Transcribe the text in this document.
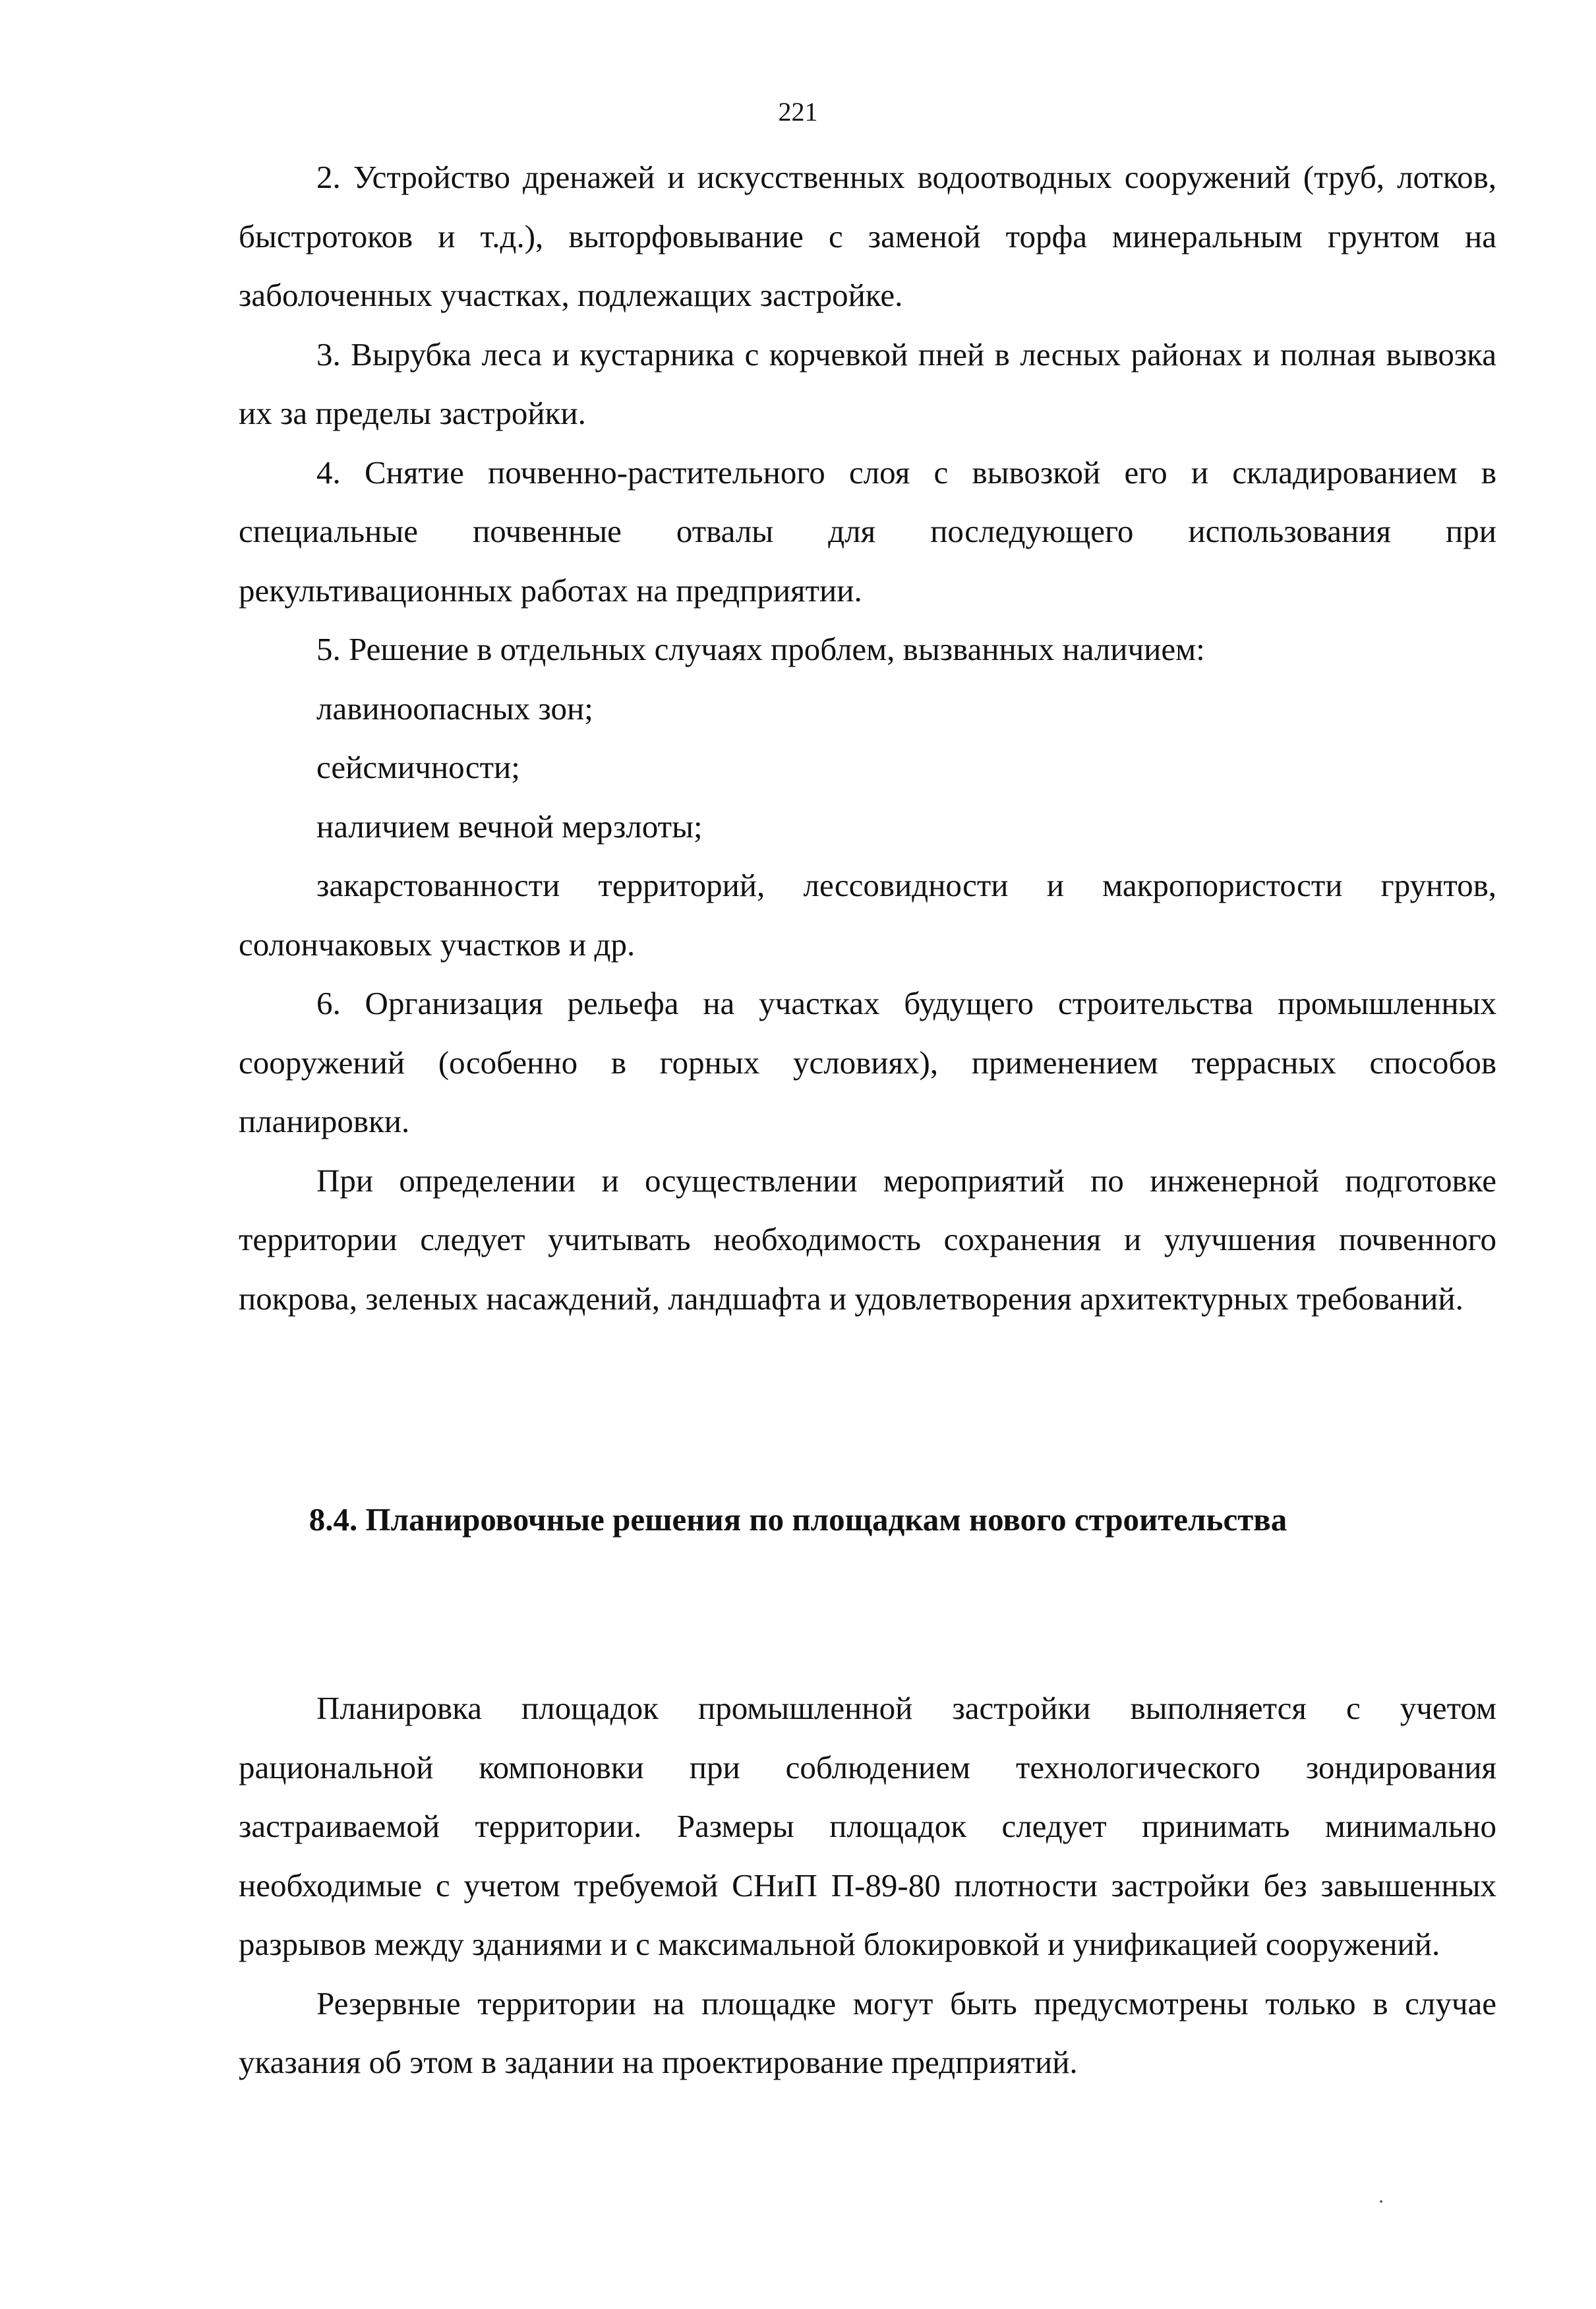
221

2. Устройство дренажей и искусственных водоотводных сооружений (труб, лотков, быстротоков и т.д.), выторфовывание с заменой торфа минеральным грунтом на заболоченных участках, подлежащих застройке.

3. Вырубка леса и кустарника с корчевкой пней в лесных районах и полная вывозка их за пределы застройки.

4. Снятие почвенно-растительного слоя с вывозкой его и складированием в специальные почвенные отвалы для последующего использования при рекультивационных работах на предприятии.

5. Решение в отдельных случаях проблем, вызванных наличием:

лавиноопасных зон;

сейсмичности;

наличием вечной мерзлоты;

закарстованности территорий, лессовидности и макропористости грунтов, солончаковых участков и др.

6. Организация рельефа на участках будущего строительства промышленных сооружений (особенно в горных условиях), применением террасных способов планировки.

При определении и осуществлении мероприятий по инженерной подготовке территории следует учитывать необходимость сохранения и улучшения почвенного покрова, зеленых насаждений, ландшафта и удовлетворения архитектурных требований.

8.4. Планировочные решения по площадкам нового строительства

Планировка площадок промышленной застройки выполняется с учетом рациональной компоновки при соблюдением технологического зондирования застраиваемой территории. Размеры площадок следует принимать минимально необходимые с учетом требуемой СНиП П-89-80 плотности застройки без завышенных разрывов между зданиями и с максимальной блокировкой и унификацией сооружений.

Резервные территории на площадке могут быть предусмотрены только в случае указания об этом в задании на проектирование предприятий.
